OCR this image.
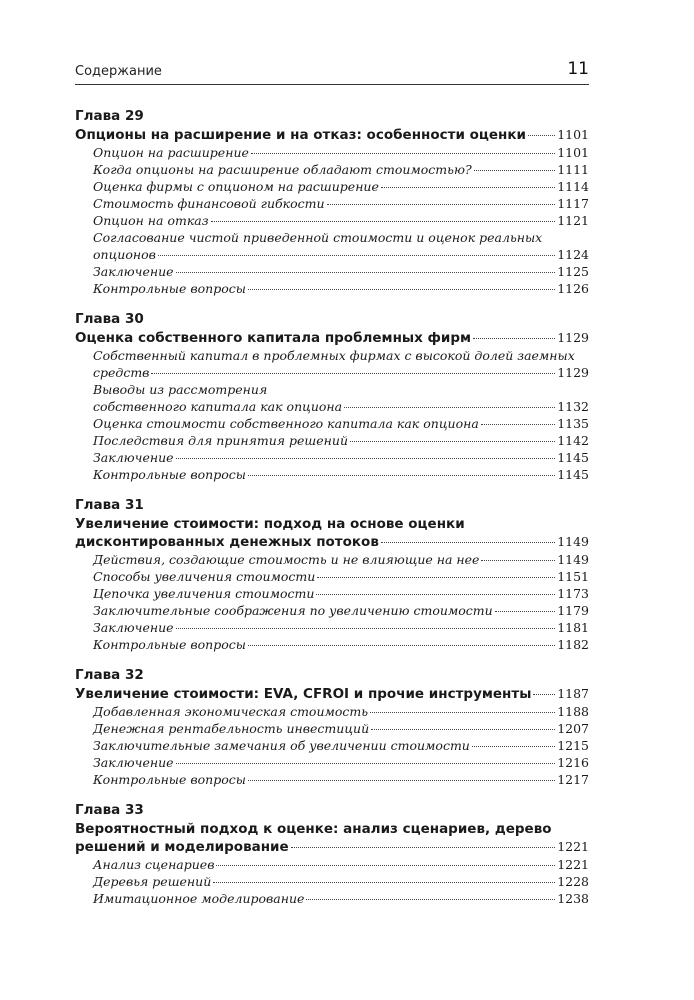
Содержание	11
Глава 29
Опционы на расширение и на отказ: особенности оценки 1101
Опцион на расширение	1101
Когда опционы на расширение обладают стоимостью?	1111
Оценка фирмы с опционом на расширение	1114
Стоимость финансовой гибкости	1117
Опцион на отказ	1121
Согласование чистой приведенной стоимости и оценок реальных
опционов	1124
Заключение	1125
Контрольные вопросы	1126
Глава 30
Оценка собственного капитала проблемных фирм	1129
Собственный капитал в проблемных фирмах с высокой долей заемных
средств	1129
Выводы из рассмотрения
собственного капитала как опциона	1132
Оценка стоимости собственного капитала как опциона	1135
Последствия для принятия решений	1142
Заключение	1145
Контрольные вопросы	1145
Глава 31
Увеличение стоимости: подход на основе оценки
дисконтированных денежных потоков	1149
Действия, создающие стоимость и не влияющие на нее	1149
Способы увеличения стоимости	1151
Цепочка увеличения стоимости	1173
Заключительные соображения по увеличению стоимости	1179
Заключение	1181
Контрольные вопросы	1182
Глава 32
Увеличение стоимости: EVA, CFROI и прочие инструменты 1187
Добавленная экономическая стоимость	1188
Денежная рентабельность инвестиций	1207
Заключительные замечания об увеличении стоимости	1215
Заключение	1216
Контрольные вопросы	1217
Глава 33
Вероятностный подход к оценке: анализ сценариев, дерево
решений и моделирование	1221
Анализ сценариев	1221
Деревья решений	1228
Имитационное моделирование	1238
